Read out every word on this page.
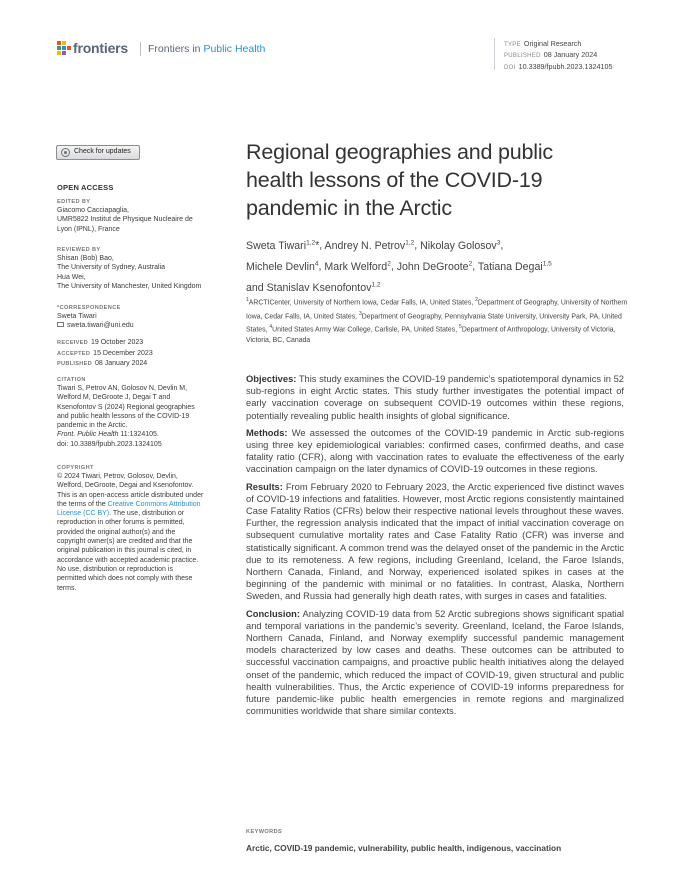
frontiers Frontiers in Public Health	TYPE Original Research
PUBLISHED 08 January 2024
DOI 10.3389/fpubh.2023.1324105
Check for updates
OPEN ACCESS
EDITED BY
Giacomo Cacciapaglia,
UMR5822 Institut de Physique Nucleaire de
Lyon (IPNL), France
REVIEWED BY
Shisan (Bob) Bao,
The University of Sydney, Australia
Hua Wei,
The University of Manchester, United Kingdom
*CORRESPONDENCE
Sweta Tiwari
sweta.tiwari@uni.edu
RECEIVED 19 October 2023
ACCEPTED 15 December 2023
PUBLISHED 08 January 2024
CITATION
Tiwari S, Petrov AN, Golosov N, Devlin M,
Welford M, DeGroote J, Degai T and
Ksenofontov S (2024) Regional geographies
and public health lessons of the COVID-19
pandemic in the Arctic.
Front. Public Health 11:1324105.
doi: 10.3389/fpubh.2023.1324105
COPYRIGHT
© 2024 Tiwari, Petrov, Golosov, Devlin,
Welford, DeGroote, Degai and Ksenofontov.
This is an open-access article distributed under
the terms of the Creative Commons Attribution
License (CC BY). The use, distribution or
reproduction in other forums is permitted,
provided the original author(s) and the
copyright owner(s) are credited and that the
original publication in this journal is cited, in
accordance with accepted academic practice.
No use, distribution or reproduction is
permitted which does not comply with these
terms.
Regional geographies and public
health lessons of the COVID-19
pandemic in the Arctic
Sweta Tiwari$^{1,2}$*, Andrey N. Petrov$^{1,2}$, Nikolay Golosov$^3$,
Michele Devlin$^4$, Mark Welford$^2$, John DeGroote$^2$, Tatiana Degai$^{1,5}$
and Stanislav Ksenofontov$^{1,2}$
$^1$ARCTICenter, University of Northern Iowa, Cedar Falls, IA, United States, $^2$Department of Geography, University of Northern Iowa, Cedar Falls, IA, United States, $^3$Department of Geography, Pennsylvania State University, University Park, PA, United States, $^4$United States Army War College, Carlisle, PA, United States, $^5$Department of Anthropology, University of Victoria, Victoria, BC, Canada

Objectives: This study examines the COVID-19 pandemic’s spatiotemporal dynamics in 52 sub-regions in eight Arctic states. This study further investigates the potential impact of early vaccination coverage on subsequent COVID-19 outcomes within these regions, potentially revealing public health insights of global significance.

Methods: We assessed the outcomes of the COVID-19 pandemic in Arctic sub-regions using three key epidemiological variables: confirmed cases, confirmed deaths, and case fatality ratio (CFR), along with vaccination rates to evaluate the effectiveness of the early vaccination campaign on the later dynamics of COVID-19 outcomes in these regions.

Results: From February 2020 to February 2023, the Arctic experienced five distinct waves of COVID-19 infections and fatalities. However, most Arctic regions consistently maintained Case Fatality Ratios (CFRs) below their respective national levels throughout these waves. Further, the regression analysis indicated that the impact of initial vaccination coverage on subsequent cumulative mortality rates and Case Fatality Ratio (CFR) was inverse and statistically significant. A common trend was the delayed onset of the pandemic in the Arctic due to its remoteness. A few regions, including Greenland, Iceland, the Faroe Islands, Northern Canada, Finland, and Norway, experienced isolated spikes in cases at the beginning of the pandemic with minimal or no fatalities. In contrast, Alaska, Northern Sweden, and Russia had generally high death rates, with surges in cases and fatalities.

Conclusion: Analyzing COVID-19 data from 52 Arctic subregions shows significant spatial and temporal variations in the pandemic’s severity. Greenland, Iceland, the Faroe Islands, Northern Canada, Finland, and Norway exemplify successful pandemic management models characterized by low cases and deaths. These outcomes can be attributed to successful vaccination campaigns, and proactive public health initiatives along the delayed onset of the pandemic, which reduced the impact of COVID-19, given structural and public health vulnerabilities. Thus, the Arctic experience of COVID-19 informs preparedness for future pandemic-like public health emergencies in remote regions and marginalized communities worldwide that share similar contexts.

KEYWORDS
Arctic, COVID-19 pandemic, vulnerability, public health, indigenous, vaccination
